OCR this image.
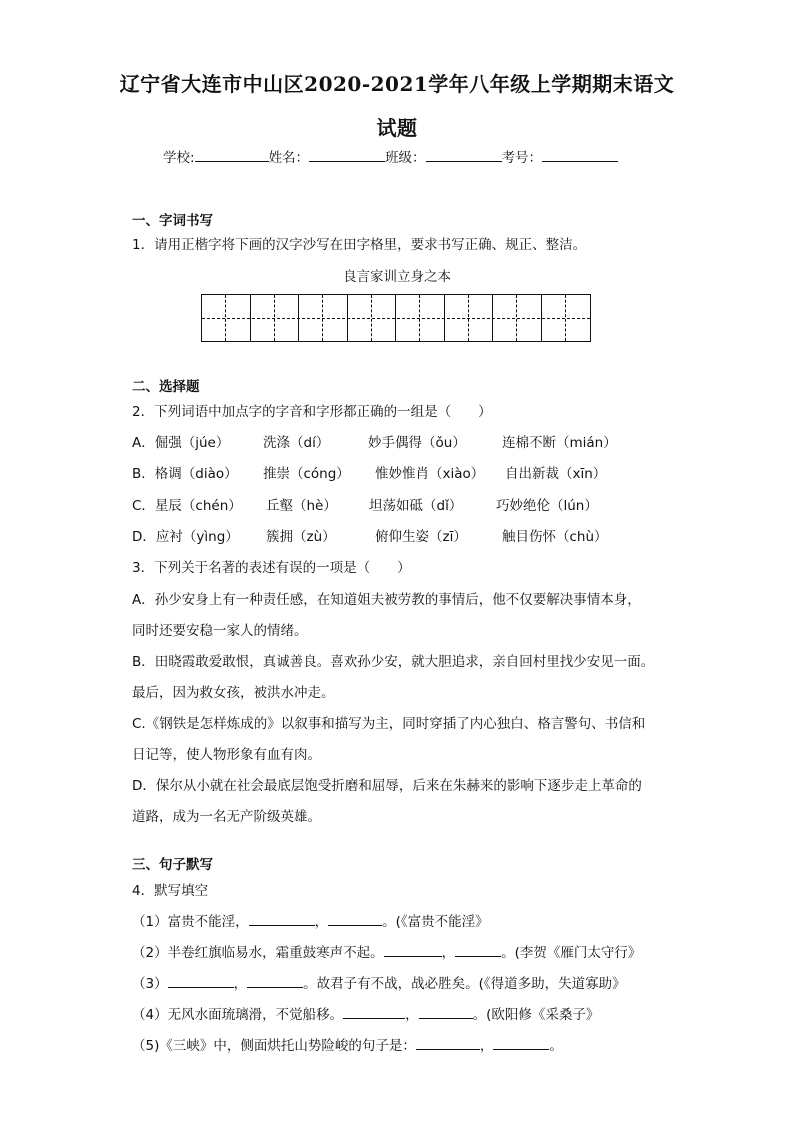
辽宁省大连市中山区2020-2021学年八年级上学期期末语文
试题
学校:	姓名：	班级：	考号：
一、字词书写
1．请用正楷字将下画的汉字沙写在田字格里，要求书写正确、规正、整洁。
良言家训立身之本
二、选择题
2．下列词语中加点字的字音和字形都正确的一组是（　　）
A．倔强（júe） 洗涤（dí）	妙手偶得（ǒu）	连棉不断（mián）
B．格调（diào） 推崇（cóng） 惟妙惟肖（xiào） 自出新裁（xīn）
C．星辰（chén） 丘壑（hè） 坦荡如砥（dǐ） 巧妙绝伦（lún）
D．应衬（yìng） 簇拥（zù）	俯仰生姿（zī）	触目伤怀（chù）
3．下列关于名著的表述有误的一项是（　　）
A．孙少安身上有一种责任感，在知道姐夫被劳教的事情后，他不仅要解决事情本身，
同时还要安稳一家人的情绪。
B．田晓霞敢爱敢恨，真诚善良。喜欢孙少安，就大胆追求，亲自回村里找少安见一面。
最后，因为救女孩，被洪水冲走。
C.《钢铁是怎样炼成的》以叙事和描写为主，同时穿插了内心独白、格言警句、书信和
日记等，使人物形象有血有肉。
D．保尔从小就在社会最底层饱受折磨和屈辱，后来在朱赫来的影响下逐步走上革命的
道路，成为一名无产阶级英雄。
三、句子默写
4．默写填空
（1）富贵不能淫，	，	。(《富贵不能淫》
（2）半卷红旗临易水，霜重鼓寒声不起。	，	。(李贺《雁门太守行》
（3）	，	。故君子有不战，战必胜矣。(《得道多助，失道寡助》
（4）无风水面琉璃滑，不觉船移。	，	。(欧阳修《采桑子》
（5)《三峡》中，侧面烘托山势险峻的句子是：	，	。
